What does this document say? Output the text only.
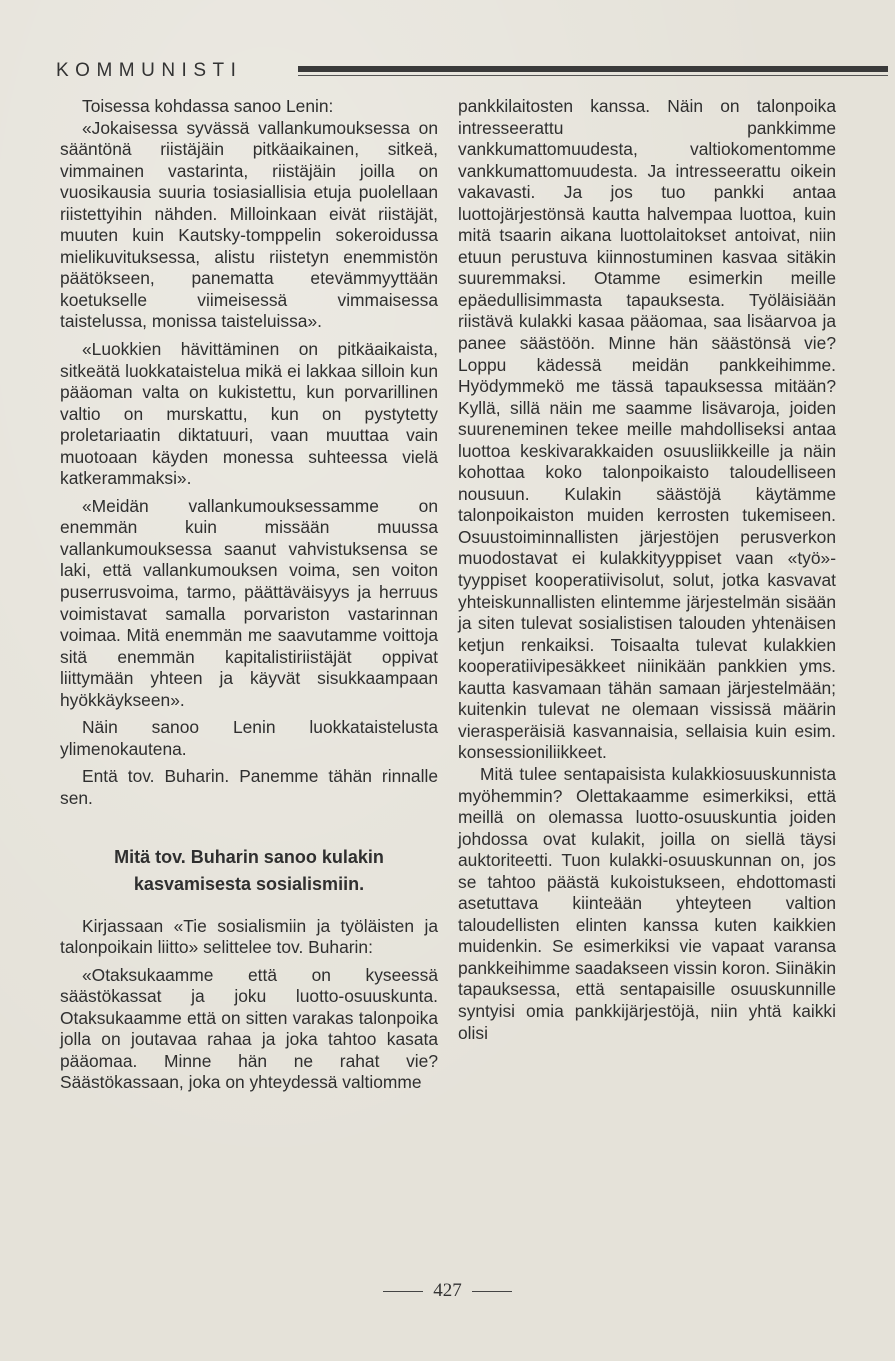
KOMMUNISTI

Toisessa kohdassa sanoo Lenin:

«Jokaisessa syvässä vallankumouksessa on sääntönä riistäjäin pitkäaikainen, sitkeä, vimmainen vastarinta, riistäjäin joilla on vuosikausia suuria tosiasiallisia etuja puolellaan riistettyihin nähden. Milloinkaan eivät riistäjät, muuten kuin Kautsky-tomppelin sokeroidussa mielikuvituksessa, alistu riistetyn enemmistön päätökseen, panematta etevämmyyttään koetukselle viimeisessä vimmaisessa taistelussa, monissa taisteluissa».

«Luokkien hävittäminen on pitkäaikaista, sitkeätä luokkataistelua mikä ei lakkaa silloin kun pääoman valta on kukistettu, kun porvarillinen valtio on murskattu, kun on pystytetty proletariaatin diktatuuri, vaan muuttaa vain muotoaan käyden monessa suhteessa vielä katkerammaksi».

«Meidän vallankumouksessamme on enemmän kuin missään muussa vallankumouksessa saanut vahvistuksensa se laki, että vallankumouksen voima, sen voiton puserrusvoima, tarmo, päättäväisyys ja herruus voimistavat samalla porvariston vastarinnan voimaa. Mitä enemmän me saavutamme voittoja sitä enemmän kapitalistiriistäjät oppivat liittymään yhteen ja käyvät sisukkaampaan hyökkäykseen».

Näin sanoo Lenin luokkataistelusta ylimenokautena.

Entä tov. Buharin. Panemme tähän rinnalle sen.

Mitä tov. Buharin sanoo kulakin
kasvamisesta sosialismiin.

Kirjassaan «Tie sosialismiin ja työläisten ja talonpoikain liitto» selittelee tov. Buharin:

«Otaksukaamme että on kyseessä säästökassat ja joku luotto-osuuskunta. Otaksukaamme että on sitten varakas talonpoika jolla on joutavaa rahaa ja joka tahtoo kasata pääomaa. Minne hän ne rahat vie? Säästökassaan, joka on yhteydessä valtiomme

pankkilaitosten kanssa. Näin on talonpoika intresseerattu pankkimme vankkumattomuudesta, valtiokomentomme vankkumattomuudesta. Ja intresseerattu oikein vakavasti. Ja jos tuo pankki antaa luottojärjestönsä kautta halvempaa luottoa, kuin mitä tsaarin aikana luottolaitokset antoivat, niin etuun perustuva kiinnostuminen kasvaa sitäkin suuremmaksi. Otamme esimerkin meille epäedullisimmasta tapauksesta. Työläisiään riistävä kulakki kasaa pääomaa, saa lisäarvoa ja panee säästöön. Minne hän säästönsä vie? Loppu kädessä meidän pankkeihimme. Hyödymmekö me tässä tapauksessa mitään? Kyllä, sillä näin me saamme lisävaroja, joiden suureneminen tekee meille mahdolliseksi antaa luottoa keskivarakkaiden osuusliikkeille ja näin kohottaa koko talonpoikaisto taloudelliseen nousuun. Kulakin säästöjä käytämme talonpoikaiston muiden kerrosten tukemiseen. Osuustoiminnallisten järjestöjen perusverkon muodostavat ei kulakkityyppiset vaan «työ»-tyyppiset kooperatiivisolut, solut, jotka kasvavat yhteiskunnallisten elintemme järjestelmän sisään ja siten tulevat sosialistisen talouden yhtenäisen ketjun renkaiksi. Toisaalta tulevat kulakkien kooperatiivipesäkkeet niinikään pankkien yms. kautta kasvamaan tähän samaan järjestelmään; kuitenkin tulevat ne olemaan vississä määrin vierasperäisiä kasvannaisia, sellaisia kuin esim. konsessioniliikkeet.

Mitä tulee sentapaisista kulakkiosuuskunnista myöhemmin? Olettakaamme esimerkiksi, että meillä on olemassa luotto-osuuskuntia joiden johdossa ovat kulakit, joilla on siellä täysi auktoriteetti. Tuon kulakki-osuuskunnan on, jos se tahtoo päästä kukoistukseen, ehdottomasti asetuttava kiinteään yhteyteen valtion taloudellisten elinten kanssa kuten kaikkien muidenkin. Se esimerkiksi vie vapaat varansa pankkeihimme saadakseen vissin koron. Siinäkin tapauksessa, että sentapaisille osuuskunnille syntyisi omia pankkijärjestöjä, niin yhtä kaikki olisi

427
